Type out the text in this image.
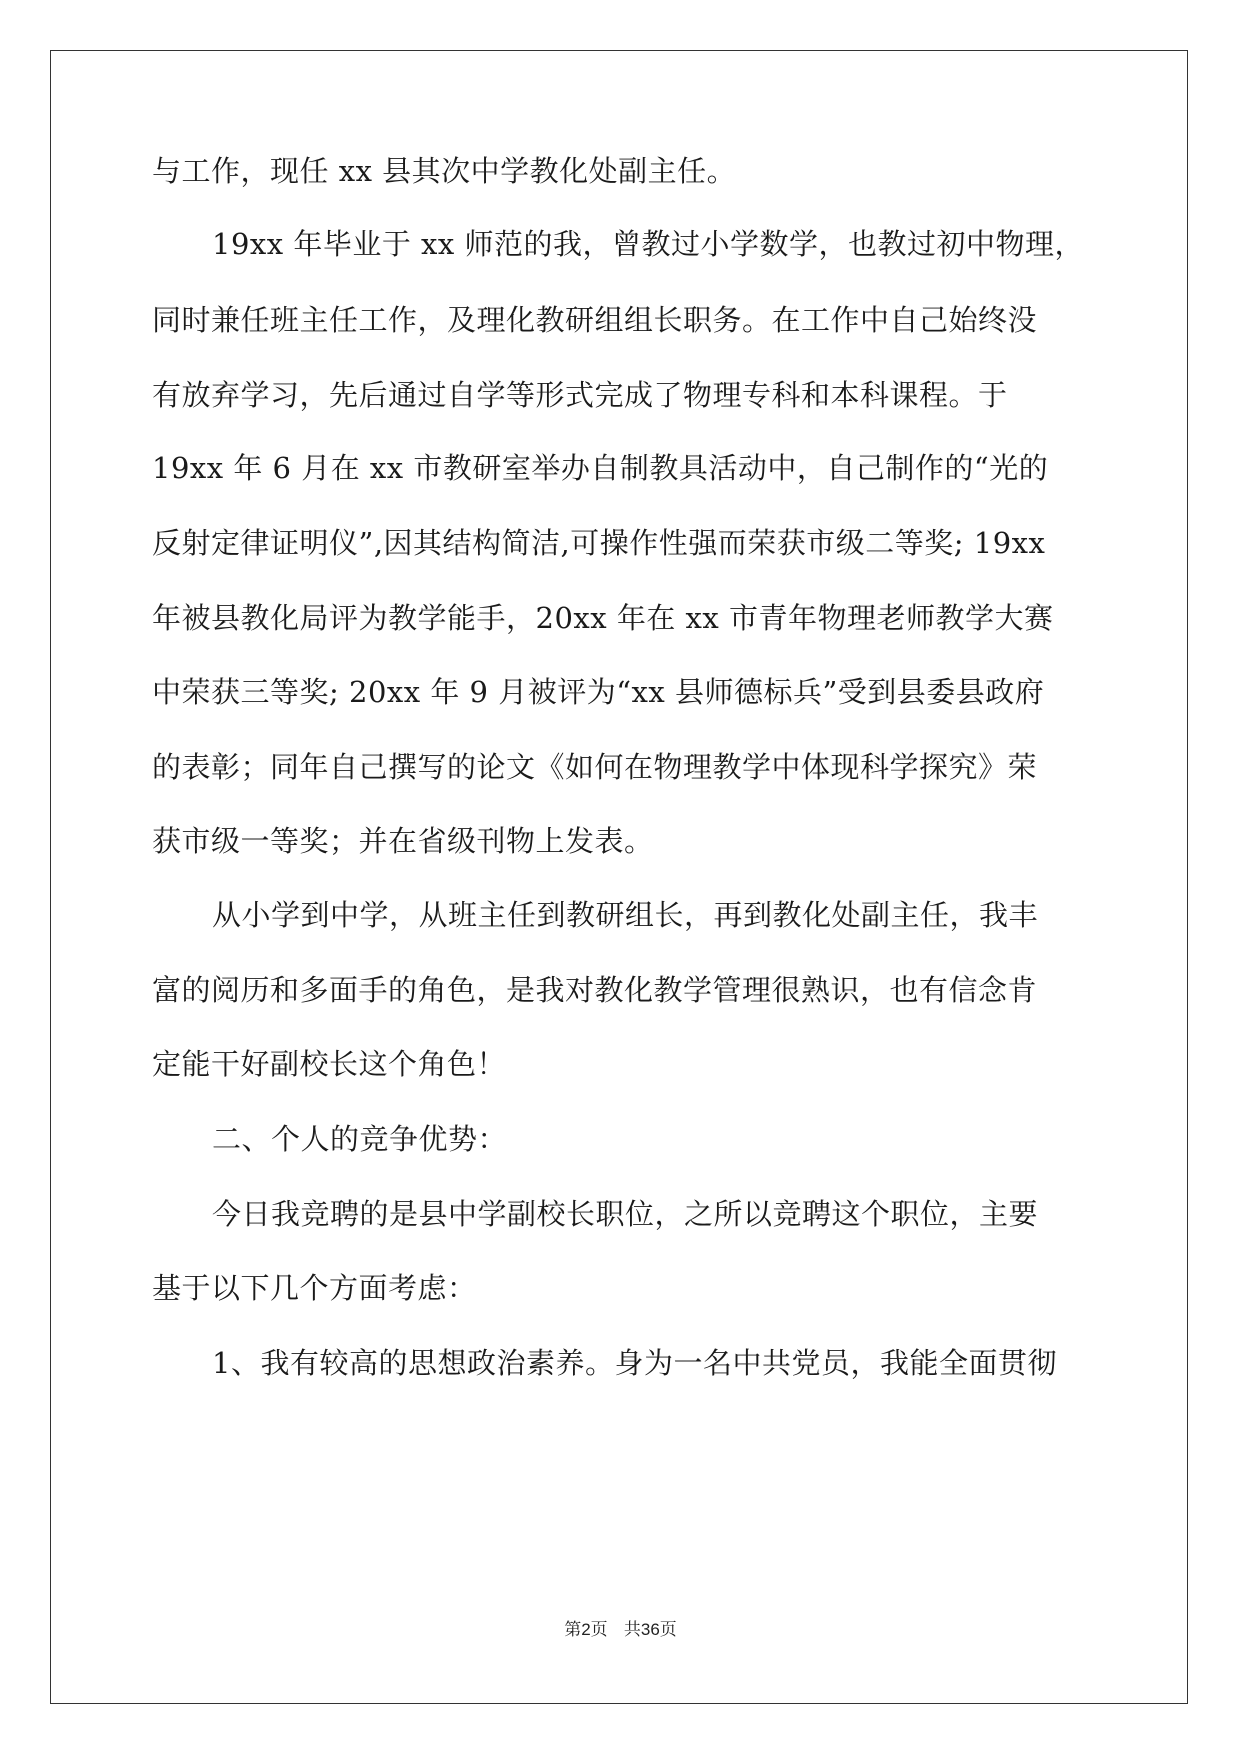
与工作，现任 xx 县其次中学教化处副主任。
19xx 年毕业于 xx 师范的我，曾教过小学数学，也教过初中物理，
同时兼任班主任工作，及理化教研组组长职务。在工作中自己始终没
有放弃学习，先后通过自学等形式完成了物理专科和本科课程。于
19xx 年 6 月在 xx 市教研室举办自制教具活动中，自己制作的“光的
反射定律证明仪”,因其结构简洁,可操作性强而荣获市级二等奖; 19xx
年被县教化局评为教学能手，20xx 年在 xx 市青年物理老师教学大赛
中荣获三等奖; 20xx 年 9 月被评为“xx 县师德标兵”受到县委县政府
的表彰；同年自己撰写的论文《如何在物理教学中体现科学探究》荣
获市级一等奖；并在省级刊物上发表。
从小学到中学，从班主任到教研组长，再到教化处副主任，我丰
富的阅历和多面手的角色，是我对教化教学管理很熟识，也有信念肯
定能干好副校长这个角色！
二、个人的竞争优势：
今日我竞聘的是县中学副校长职位，之所以竞聘这个职位，主要
基于以下几个方面考虑：
1、我有较高的思想政治素养。身为一名中共党员，我能全面贯彻
第2页 共36页
